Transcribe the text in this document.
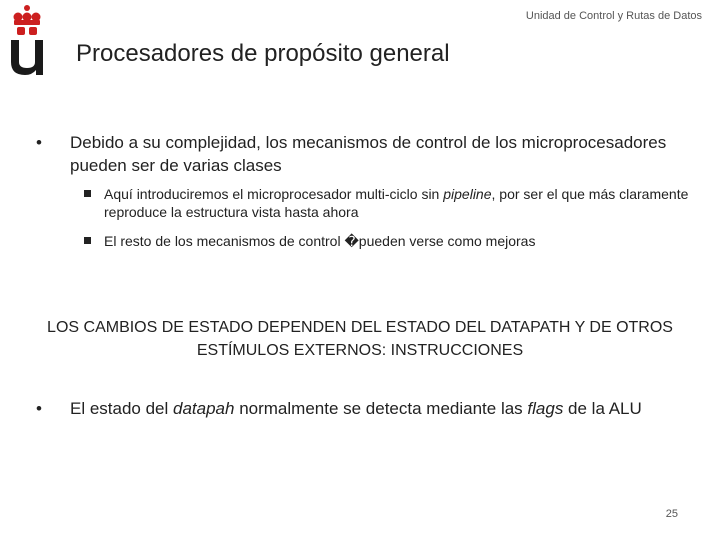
Unidad de Control y Rutas de Datos
Procesadores de propósito general
• Debido a su complejidad, los mecanismos de control de los microprocesadores pueden ser de varias clases
Aquí introduciremos el microprocesador multi-ciclo sin pipeline, por ser el que más claramente reproduce la estructura vista hasta ahora
El resto de los mecanismos de control �pueden verse como mejoras
LOS CAMBIOS DE ESTADO DEPENDEN DEL ESTADO DEL DATAPATH Y DE OTROS ESTÍMULOS EXTERNOS: INSTRUCCIONES
• El estado del datapah normalmente se detecta mediante las flags de la ALU
25
